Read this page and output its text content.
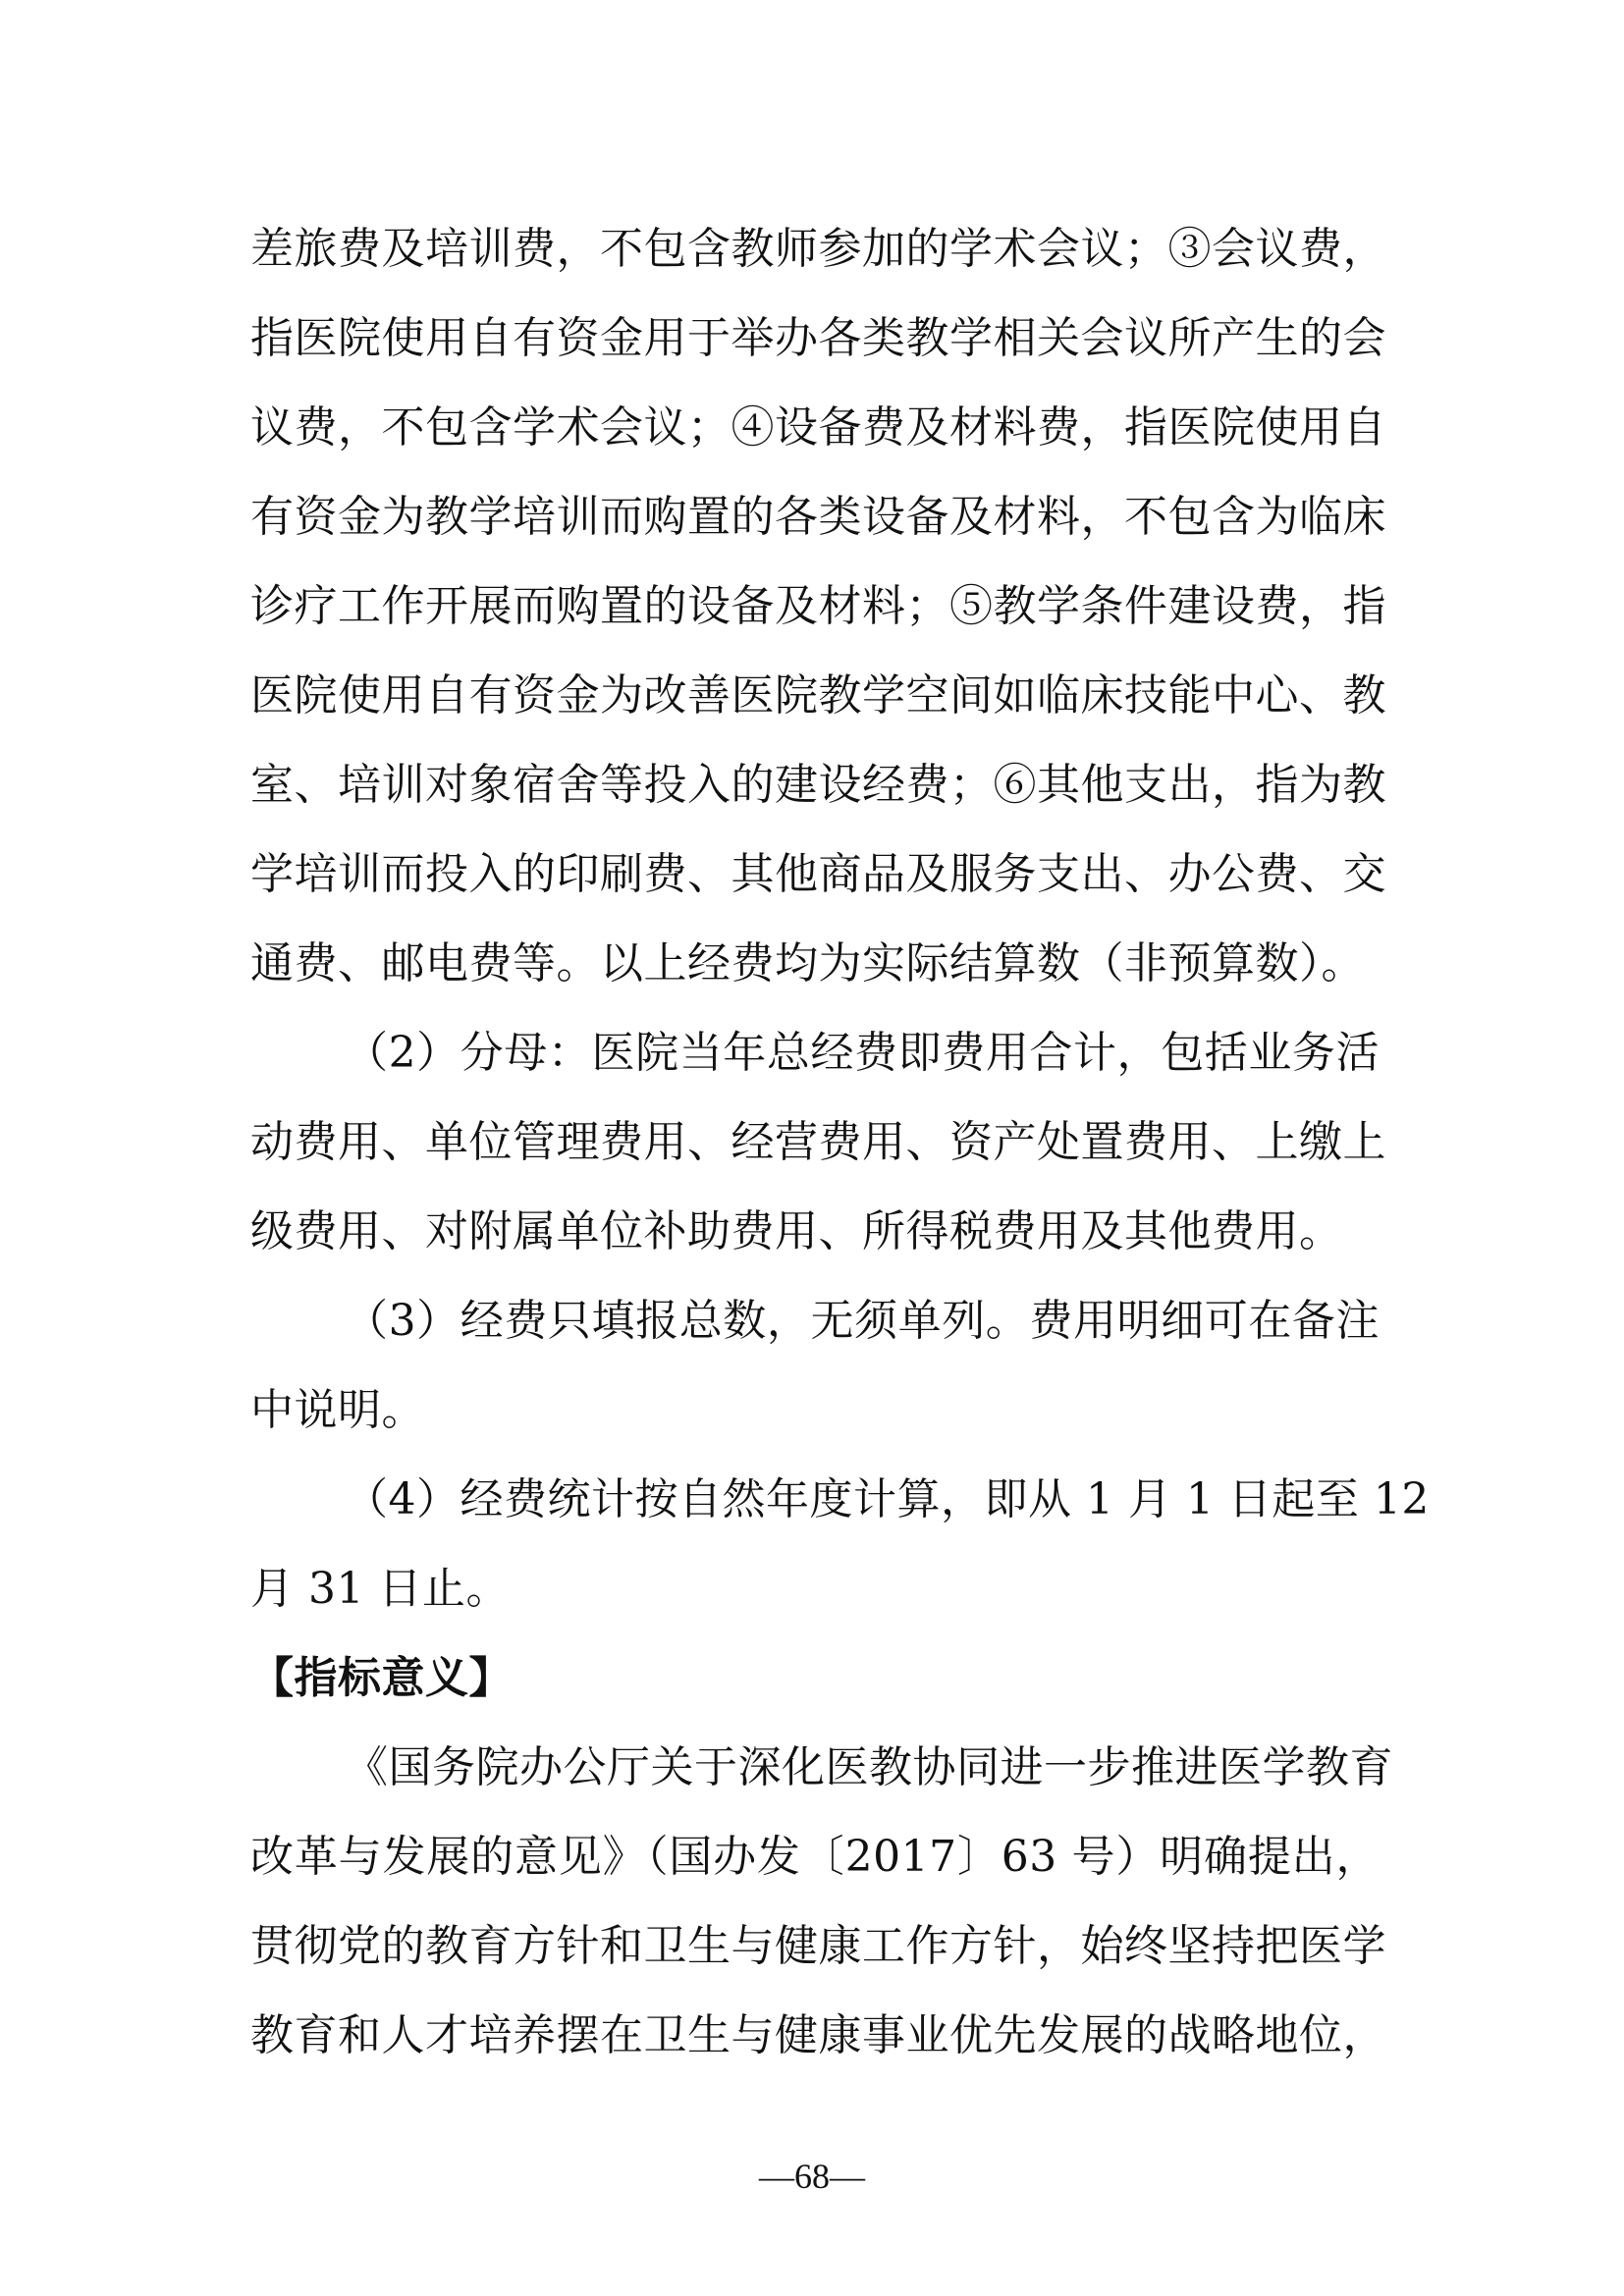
差旅费及培训费，不包含教师参加的学术会议；③会议费，
指医院使用自有资金用于举办各类教学相关会议所产生的会
议费，不包含学术会议；④设备费及材料费，指医院使用自
有资金为教学培训而购置的各类设备及材料，不包含为临床
诊疗工作开展而购置的设备及材料；⑤教学条件建设费，指
医院使用自有资金为改善医院教学空间如临床技能中心、教
室、培训对象宿舍等投入的建设经费；⑥其他支出，指为教
学培训而投入的印刷费、其他商品及服务支出、办公费、交
通费、邮电费等。以上经费均为实际结算数（非预算数）。
（2）分母：医院当年总经费即费用合计，包括业务活
动费用、单位管理费用、经营费用、资产处置费用、上缴上
级费用、对附属单位补助费用、所得税费用及其他费用。
（3）经费只填报总数，无须单列。费用明细可在备注
中说明。
（4）经费统计按自然年度计算，即从 1 月 1 日起至 12
月 31 日止。
【指标意义】
《国务院办公厅关于深化医教协同进一步推进医学教育
改革与发展的意见》（国办发〔2017〕63 号）明确提出，
贯彻党的教育方针和卫生与健康工作方针，始终坚持把医学
教育和人才培养摆在卫生与健康事业优先发展的战略地位，
—68—
